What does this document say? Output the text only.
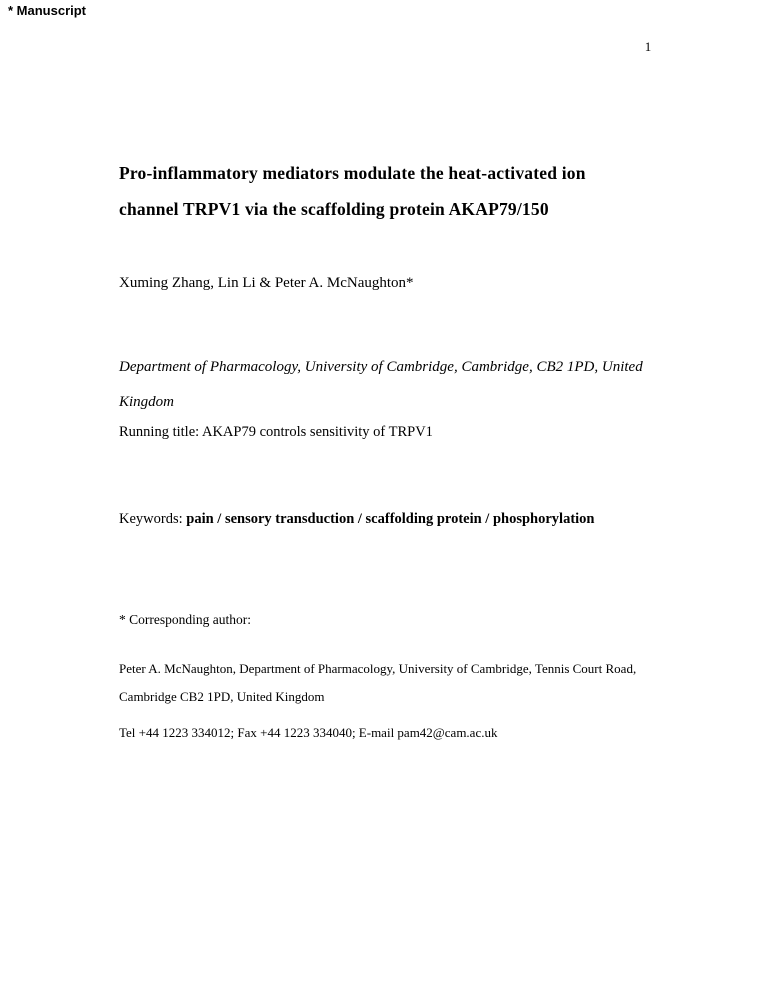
* Manuscript
1
Pro-inflammatory mediators modulate the heat-activated ion channel TRPV1 via the scaffolding protein AKAP79/150
Xuming Zhang, Lin Li & Peter A. McNaughton*
Department of Pharmacology, University of Cambridge, Cambridge, CB2 1PD, United Kingdom
Running title: AKAP79 controls sensitivity of TRPV1
Keywords: pain / sensory transduction / scaffolding protein / phosphorylation
* Corresponding author:
Peter A. McNaughton, Department of Pharmacology, University of Cambridge, Tennis Court Road, Cambridge CB2 1PD, United Kingdom
Tel +44 1223 334012; Fax +44 1223 334040; E-mail pam42@cam.ac.uk
